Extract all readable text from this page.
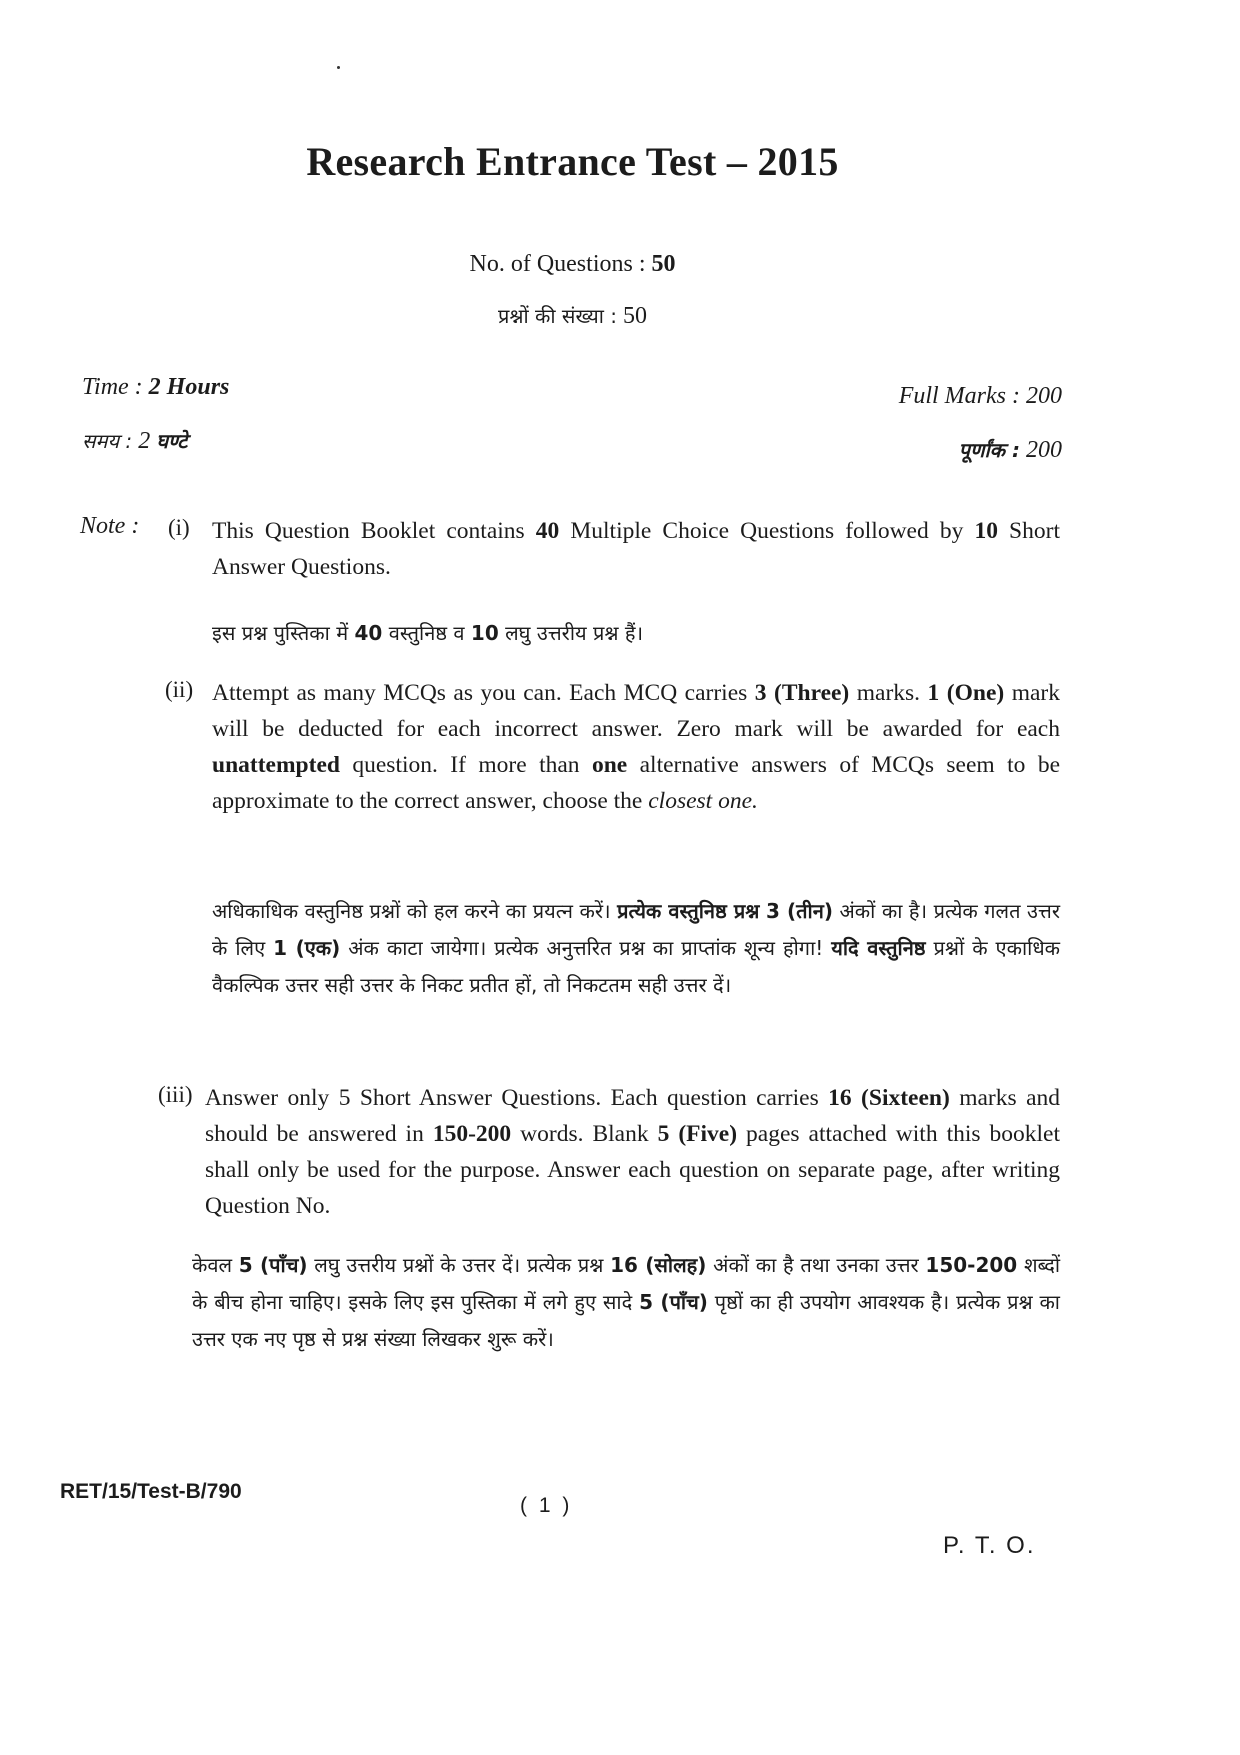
Research Entrance Test – 2015
No. of Questions : 50
प्रश्नों की संख्या : 50
Time : 2 Hours
समय : 2 घण्टे
Full Marks : 200
पूर्णांक : 200
Note : (i) This Question Booklet contains 40 Multiple Choice Questions followed by 10 Short Answer Questions.
इस प्रश्न पुस्तिका में 40 वस्तुनिष्ठ व 10 लघु उत्तरीय प्रश्न हैं।
(ii) Attempt as many MCQs as you can. Each MCQ carries 3 (Three) marks. 1 (One) mark will be deducted for each incorrect answer. Zero mark will be awarded for each unattempted question. If more than one alternative answers of MCQs seem to be approximate to the correct answer, choose the closest one.
अधिकाधिक वस्तुनिष्ठ प्रश्नों को हल करने का प्रयत्न करें। प्रत्येक वस्तुनिष्ठ प्रश्न 3 (तीन) अंकों का है। प्रत्येक गलत उत्तर के लिए 1 (एक) अंक काटा जायेगा। प्रत्येक अनुत्तरित प्रश्न का प्राप्तांक शून्य होगा! यदि वस्तुनिष्ठ प्रश्नों के एकाधिक वैकल्पिक उत्तर सही उत्तर के निकट प्रतीत हों, तो निकटतम सही उत्तर दें।
(iii) Answer only 5 Short Answer Questions. Each question carries 16 (Sixteen) marks and should be answered in 150-200 words. Blank 5 (Five) pages attached with this booklet shall only be used for the purpose. Answer each question on separate page, after writing Question No.
केवल 5 (पाँच) लघु उत्तरीय प्रश्नों के उत्तर दें। प्रत्येक प्रश्न 16 (सोलह) अंकों का है तथा उनका उत्तर 150-200 शब्दों के बीच होना चाहिए। इसके लिए इस पुस्तिका में लगे हुए सादे 5 (पाँच) पृष्ठों का ही उपयोग आवश्यक है। प्रत्येक प्रश्न का उत्तर एक नए पृष्ठ से प्रश्न संख्या लिखकर शुरू करें।
RET/15/Test-B/790
( 1 )
P. T. O.
